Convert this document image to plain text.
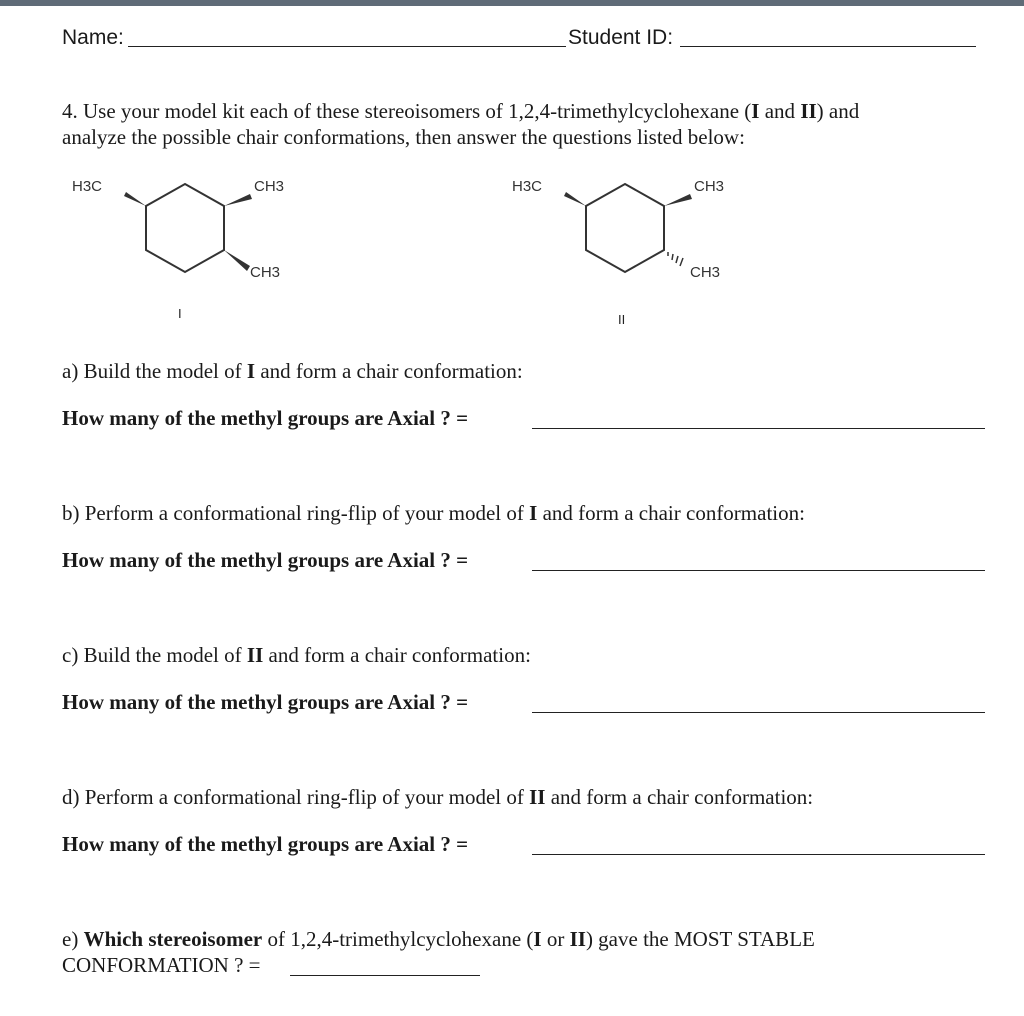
Name:	Student ID:
4. Use your model kit each of these stereoisomers of 1,2,4-trimethylcyclohexane (I and II) and
analyze the possible chair conformations, then answer the questions listed below:
H3C	CH3
CH3
I
H3C	CH3
CH3
II
a) Build the model of I and form a chair conformation:
How many of the methyl groups are Axial ? =
b) Perform a conformational ring-flip of your model of I and form a chair conformation:
How many of the methyl groups are Axial ? =
c) Build the model of II and form a chair conformation:
How many of the methyl groups are Axial ? =
d) Perform a conformational ring-flip of your model of II and form a chair conformation:
How many of the methyl groups are Axial ? =
e) Which stereoisomer of 1,2,4-trimethylcyclohexane (I or II) gave the MOST STABLE
CONFORMATION ? =
